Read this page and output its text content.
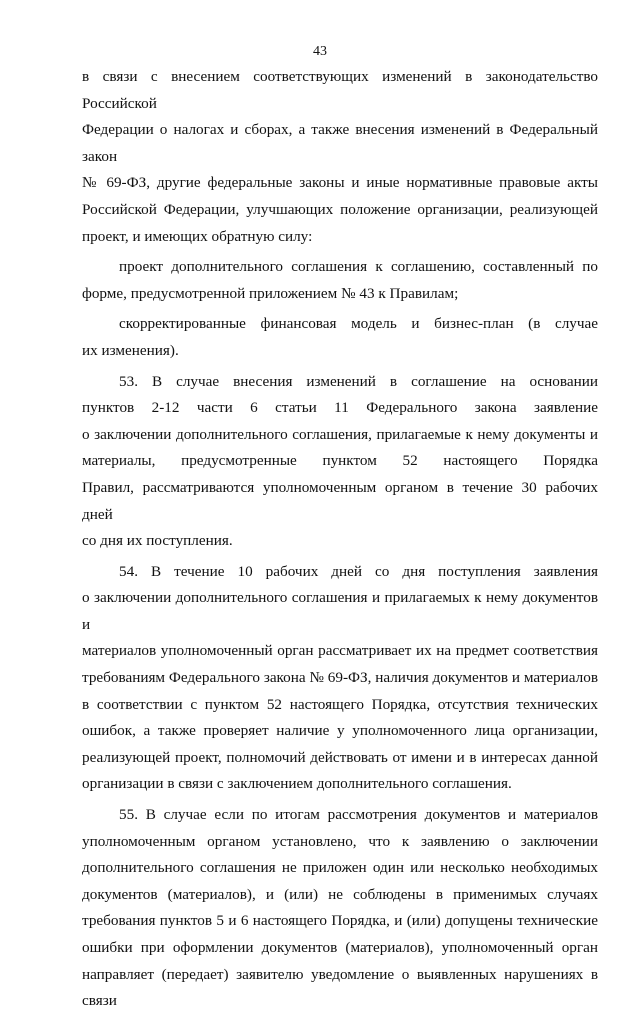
43
в связи с внесением соответствующих изменений в законодательство Российской
Федерации о налогах и сборах, а также внесения изменений в Федеральный закон
№ 69-ФЗ, другие федеральные законы и иные нормативные правовые акты
Российской Федерации, улучшающих положение организации, реализующей
проект, и имеющих обратную силу:
проект дополнительного соглашения к соглашению, составленный по
форме, предусмотренной приложением № 43 к Правилам;
скорректированные финансовая модель и бизнес-план (в случае
их изменения).
53. В случае внесения изменений в соглашение на основании
пунктов 2-12 части 6 статьи 11 Федерального закона заявление
о заключении дополнительного соглашения, прилагаемые к нему документы и
материалы, предусмотренные пунктом 52 настоящего Порядка
Правил, рассматриваются уполномоченным органом в течение 30 рабочих дней
со дня их поступления.
54. В течение 10 рабочих дней со дня поступления заявления
о заключении дополнительного соглашения и прилагаемых к нему документов и
материалов уполномоченный орган рассматривает их на предмет соответствия
требованиям Федерального закона № 69-ФЗ, наличия документов и материалов
в соответствии с пунктом 52 настоящего Порядка, отсутствия технических
ошибок, а также проверяет наличие у уполномоченного лица организации,
реализующей проект, полномочий действовать от имени и в интересах данной
организации в связи с заключением дополнительного соглашения.
55. В случае если по итогам рассмотрения документов и материалов
уполномоченным органом установлено, что к заявлению о заключении
дополнительного соглашения не приложен один или несколько необходимых
документов (материалов), и (или) не соблюдены в применимых случаях
требования пунктов 5 и 6 настоящего Порядка, и (или) допущены технические
ошибки при оформлении документов (материалов), уполномоченный орган
направляет (передает) заявителю уведомление о выявленных нарушениях в связи
